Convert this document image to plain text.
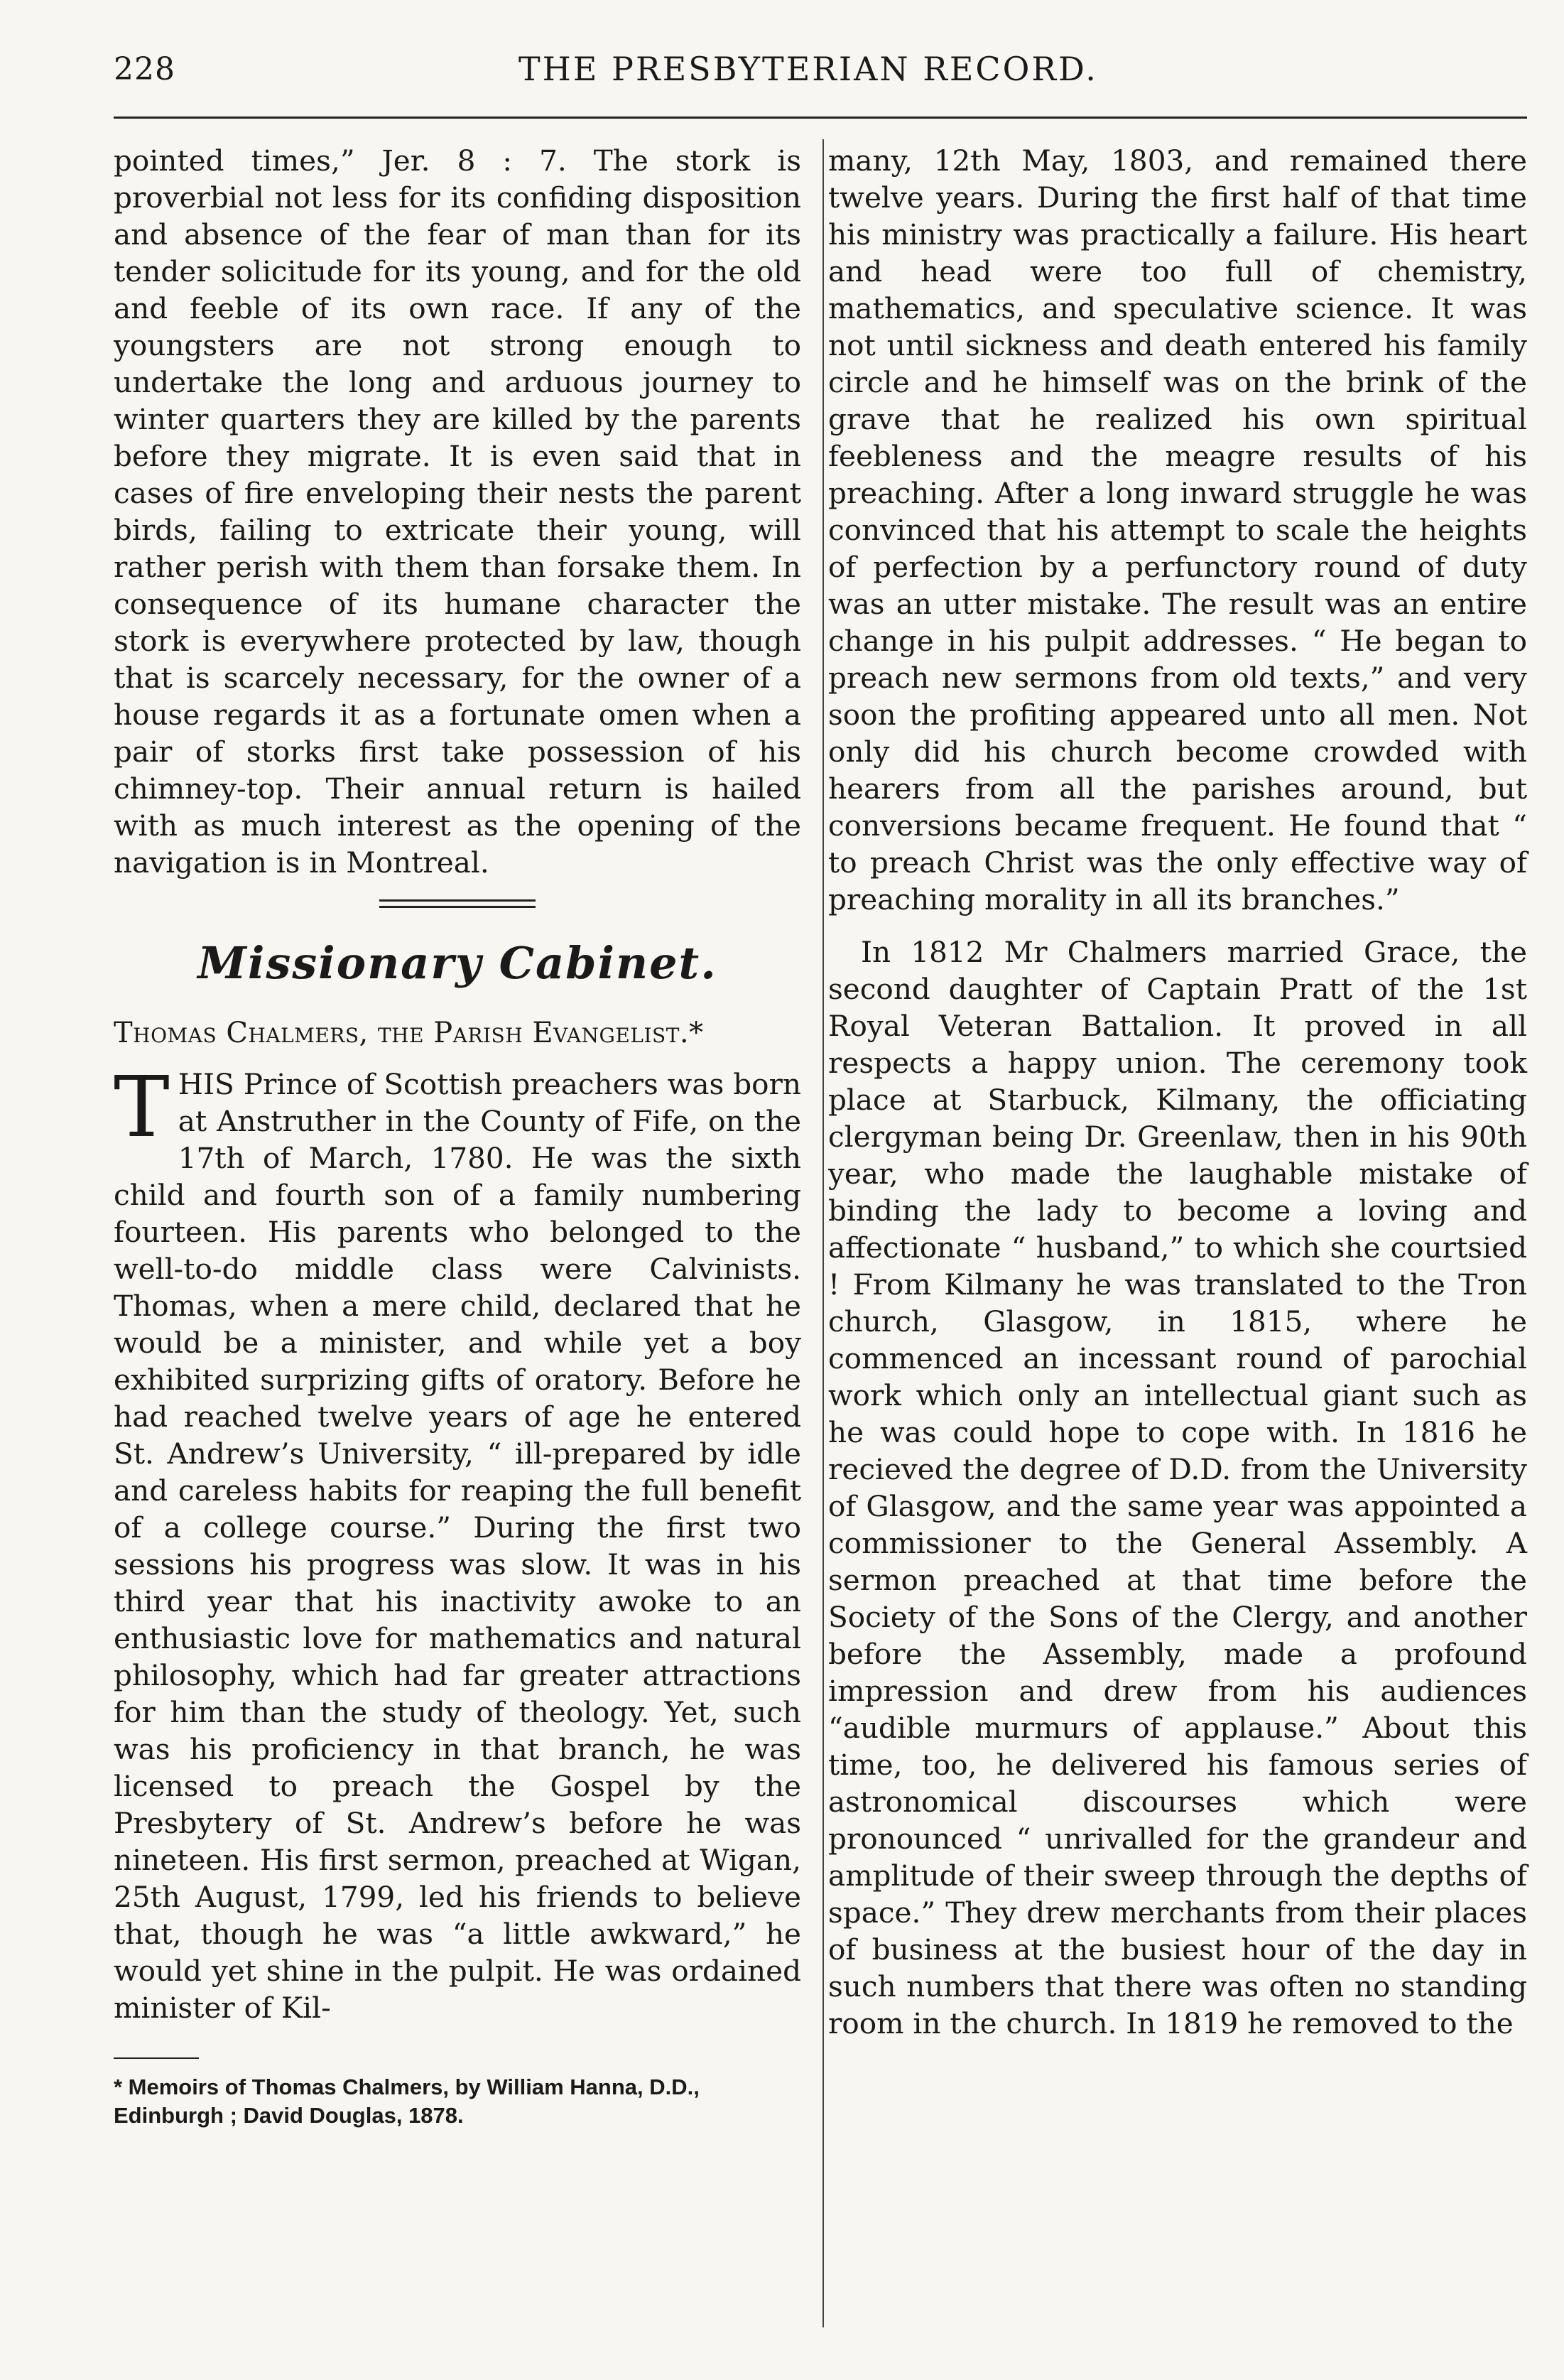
228	THE PRESBYTERIAN RECORD.

pointed times,” Jer. 8 : 7. The stork is proverbial not less for its confiding disposition and absence of the fear of man than for its tender solicitude for its young, and for the old and feeble of its own race. If any of the youngsters are not strong enough to undertake the long and arduous journey to winter quarters they are killed by the parents before they migrate. It is even said that in cases of fire enveloping their nests the parent birds, failing to extricate their young, will rather perish with them than forsake them. In consequence of its humane character the stork is everywhere protected by law, though that is scarcely necessary, for the owner of a house regards it as a fortunate omen when a pair of storks first take possession of his chimney-top. Their annual return is hailed with as much interest as the opening of the navigation is in Montreal.

Missionary Cabinet.
Thomas Chalmers, the Parish Evangelist.*

THIS Prince of Scottish preachers was born at Anstruther in the County of Fife, on the 17th of March, 1780. He was the sixth child and fourth son of a family numbering fourteen. His parents who belonged to the well-to-do middle class were Calvinists. Thomas, when a mere child, declared that he would be a minister, and while yet a boy exhibited surprizing gifts of oratory. Before he had reached twelve years of age he entered St. Andrew’s University, “ ill-prepared by idle and careless habits for reaping the full benefit of a college course.” During the first two sessions his progress was slow. It was in his third year that his inactivity awoke to an enthusiastic love for mathematics and natural philosophy, which had far greater attractions for him than the study of theology. Yet, such was his proficiency in that branch, he was licensed to preach the Gospel by the Presbytery of St. Andrew’s before he was nineteen. His first sermon, preached at Wigan, 25th August, 1799, led his friends to believe that, though he was “a little awkward,” he would yet shine in the pulpit. He was ordained minister of Kil-

* Memoirs of Thomas Chalmers, by William Hanna, D.D., Edinburgh ; David Douglas, 1878.

many, 12th May, 1803, and remained there twelve years. During the first half of that time his ministry was practically a failure. His heart and head were too full of chemistry, mathematics, and speculative science. It was not until sickness and death entered his family circle and he himself was on the brink of the grave that he realized his own spiritual feebleness and the meagre results of his preaching. After a long inward struggle he was convinced that his attempt to scale the heights of perfection by a perfunctory round of duty was an utter mistake. The result was an entire change in his pulpit addresses. “ He began to preach new sermons from old texts,” and very soon the profiting appeared unto all men. Not only did his church become crowded with hearers from all the parishes around, but conversions became frequent. He found that “ to preach Christ was the only effective way of preaching morality in all its branches.”

In 1812 Mr Chalmers married Grace, the second daughter of Captain Pratt of the 1st Royal Veteran Battalion. It proved in all respects a happy union. The ceremony took place at Starbuck, Kilmany, the officiating clergyman being Dr. Greenlaw, then in his 90th year, who made the laughable mistake of binding the lady to become a loving and affectionate “ husband,” to which she courtsied ! From Kilmany he was translated to the Tron church, Glasgow, in 1815, where he commenced an incessant round of parochial work which only an intellectual giant such as he was could hope to cope with. In 1816 he recieved the degree of D.D. from the University of Glasgow, and the same year was appointed a commissioner to the General Assembly. A sermon preached at that time before the Society of the Sons of the Clergy, and another before the Assembly, made a profound impression and drew from his audiences “audible murmurs of applause.” About this time, too, he delivered his famous series of astronomical discourses which were pronounced “ unrivalled for the grandeur and amplitude of their sweep through the depths of space.” They drew merchants from their places of business at the busiest hour of the day in such numbers that there was often no standing room in the church. In 1819 he removed to the
